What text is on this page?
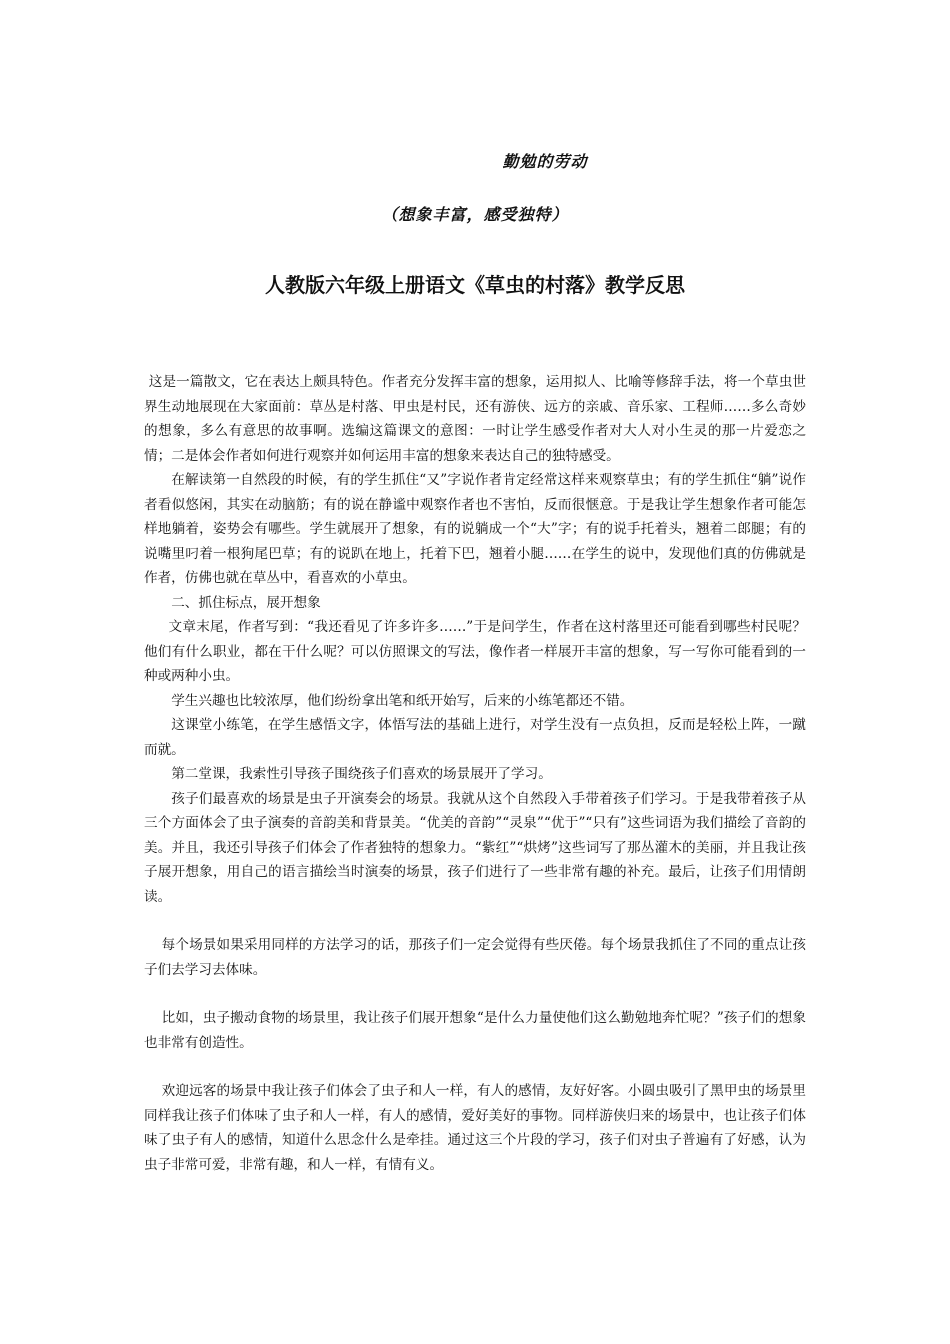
勤勉的劳动
（想象丰富，感受独特）
人教版六年级上册语文《草虫的村落》教学反思

这是一篇散文，它在表达上颇具特色。作者充分发挥丰富的想象，运用拟人、比喻等修辞手法，将一个草虫世界生动地展现在大家面前：草丛是村落、甲虫是村民，还有游侠、远方的亲戚、音乐家、工程师……多么奇妙的想象，多么有意思的故事啊。选编这篇课文的意图：一时让学生感受作者对大人对小生灵的那一片爱恋之情；二是体会作者如何进行观察并如何运用丰富的想象来表达自己的独特感受。

在解读第一自然段的时候，有的学生抓住“又”字说作者肯定经常这样来观察草虫；有的学生抓住“躺”说作者看似悠闲，其实在动脑筋；有的说在静谧中观察作者也不害怕，反而很惬意。于是我让学生想象作者可能怎样地躺着，姿势会有哪些。学生就展开了想象，有的说躺成一个“大”字；有的说手托着头，翘着二郎腿；有的说嘴里叼着一根狗尾巴草；有的说趴在地上，托着下巴，翘着小腿……在学生的说中，发现他们真的仿佛就是作者，仿佛也就在草丛中，看喜欢的小草虫。

二、抓住标点，展开想象

文章末尾，作者写到：“我还看见了许多许多……”于是问学生，作者在这村落里还可能看到哪些村民呢？他们有什么职业，都在干什么呢？可以仿照课文的写法，像作者一样展开丰富的想象，写一写你可能看到的一种或两种小虫。

学生兴趣也比较浓厚，他们纷纷拿出笔和纸开始写，后来的小练笔都还不错。

这课堂小练笔，在学生感悟文字，体悟写法的基础上进行，对学生没有一点负担，反而是轻松上阵，一蹴而就。

第二堂课，我索性引导孩子围绕孩子们喜欢的场景展开了学习。

孩子们最喜欢的场景是虫子开演奏会的场景。我就从这个自然段入手带着孩子们学习。于是我带着孩子从三个方面体会了虫子演奏的音韵美和背景美。“优美的音韵”“灵泉”“优于”“只有”这些词语为我们描绘了音韵的美。并且，我还引导孩子们体会了作者独特的想象力。“紫红”“烘烤”这些词写了那丛灌木的美丽，并且我让孩子展开想象，用自己的语言描绘当时演奏的场景，孩子们进行了一些非常有趣的补充。最后，让孩子们用情朗读。

每个场景如果采用同样的方法学习的话，那孩子们一定会觉得有些厌倦。每个场景我抓住了不同的重点让孩子们去学习去体味。

比如，虫子搬动食物的场景里，我让孩子们展开想象“是什么力量使他们这么勤勉地奔忙呢？”孩子们的想象也非常有创造性。

欢迎远客的场景中我让孩子们体会了虫子和人一样，有人的感情，友好好客。小圆虫吸引了黑甲虫的场景里同样我让孩子们体味了虫子和人一样，有人的感情，爱好美好的事物。同样游侠归来的场景中，也让孩子们体味了虫子有人的感情，知道什么思念什么是牵挂。通过这三个片段的学习，孩子们对虫子普遍有了好感，认为虫子非常可爱，非常有趣，和人一样，有情有义。
